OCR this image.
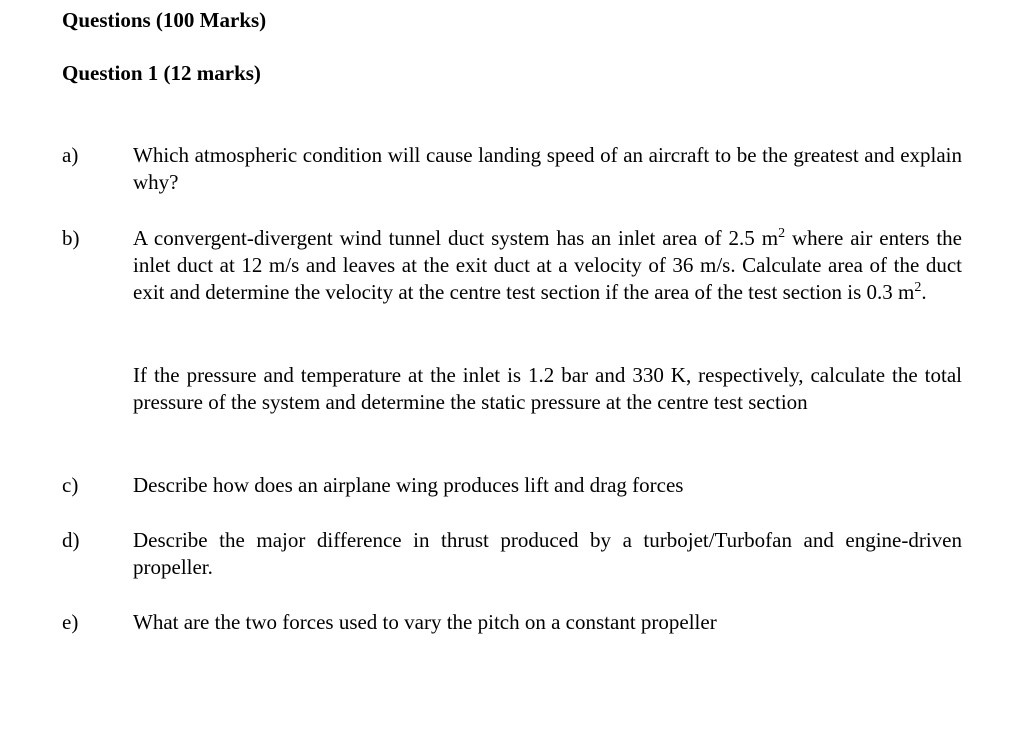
Questions (100 Marks)
Question 1 (12 marks)
a)	Which atmospheric condition will cause landing speed of an aircraft to be the greatest and explain why?

b)	A convergent-divergent wind tunnel duct system has an inlet area of 2.5 $m^2$ where air enters the inlet duct at 12 m/s and leaves at the exit duct at a velocity of 36 m/s. Calculate area of the duct exit and determine the velocity at the centre test section if the area of the test section is 0.3 $m^2$.

If the pressure and temperature at the inlet is 1.2 bar and 330 K, respectively, calculate the total pressure of the system and determine the static pressure at the centre test section

c)	Describe how does an airplane wing produces lift and drag forces

d)	Describe the major difference in thrust produced by a turbojet/Turbofan and engine-driven propeller.

e)	What are the two forces used to vary the pitch on a constant propeller
